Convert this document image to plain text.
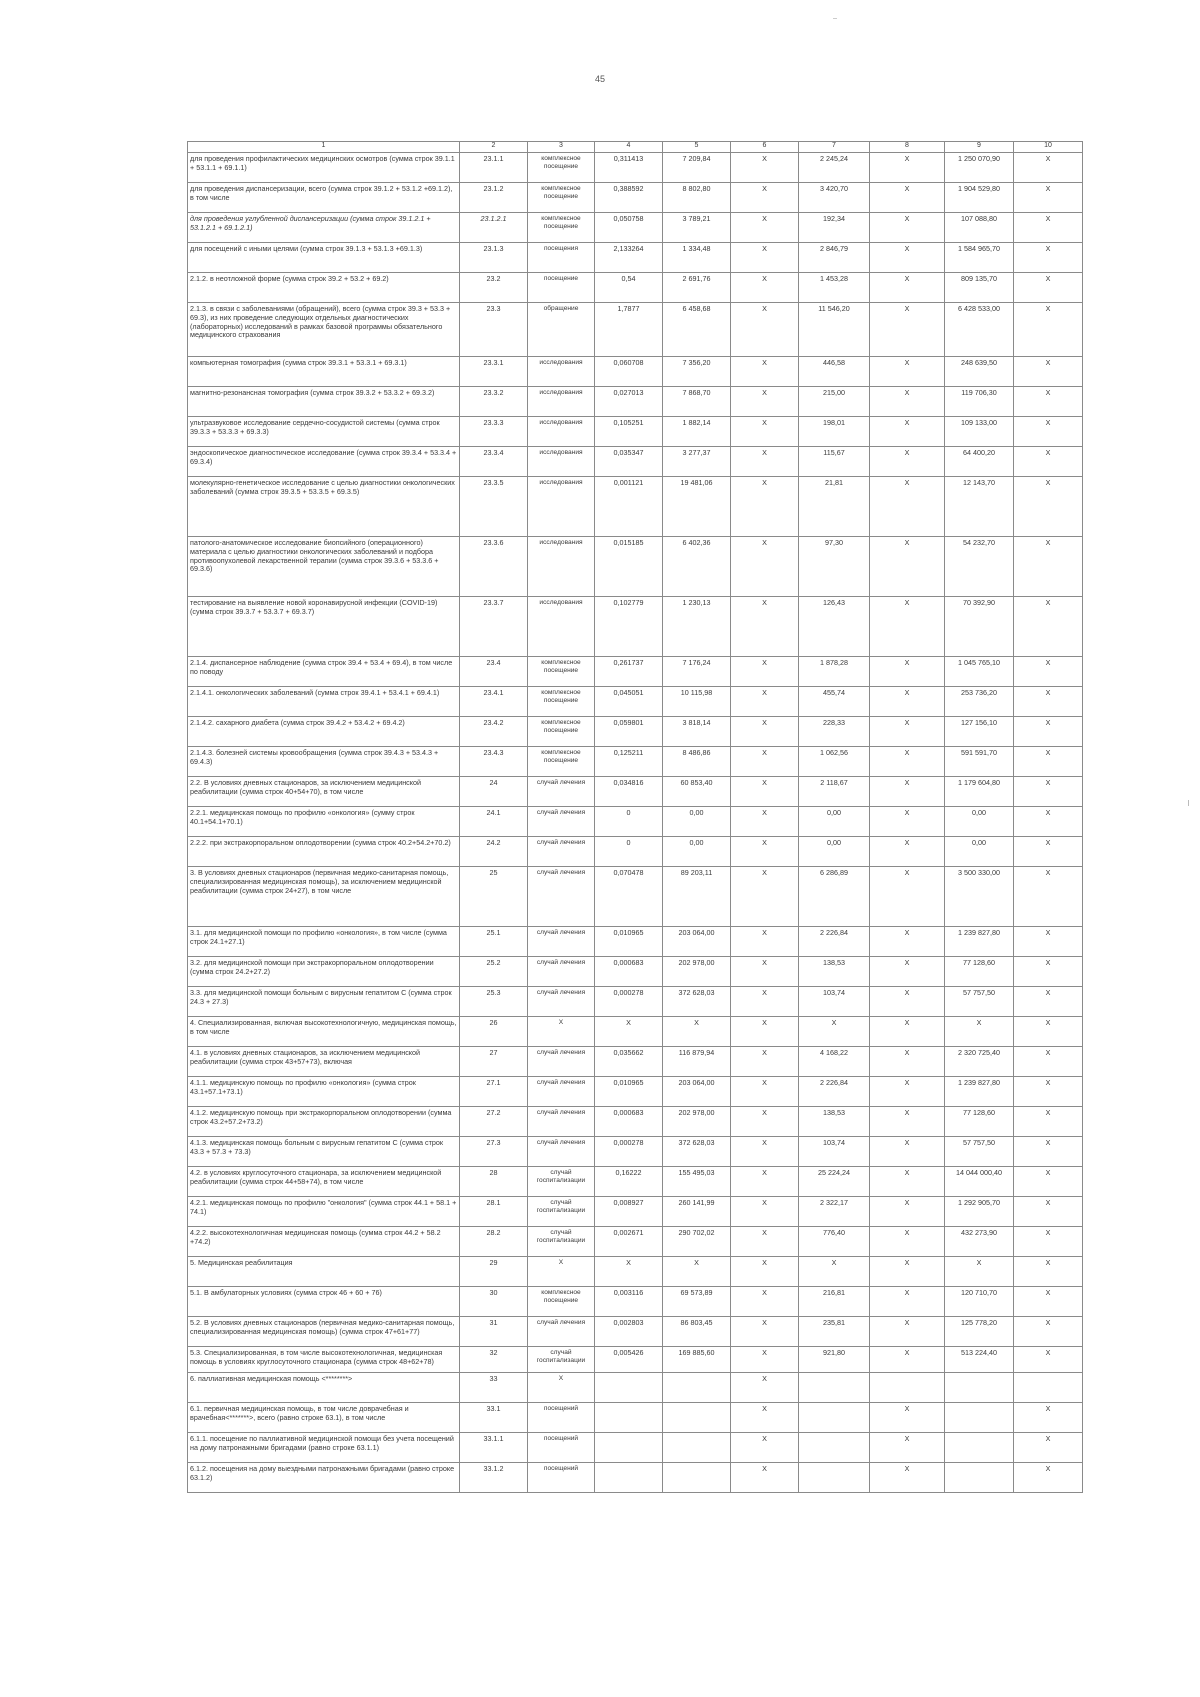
45
1	2	3	4	5	6	7	8	9	10
для проведения профилактических медицинских осмотров (сумма строк 39.1.1 + 53.1.1 + 69.1.1)	23.1.1	комплексное посещение	0,311413	7 209,84	X	2 245,24	X	1 250 070,90	X
для проведения диспансеризации, всего (сумма строк 39.1.2 + 53.1.2 +69.1.2), в том числе	23.1.2	комплексное посещение	0,388592	8 802,80	X	3 420,70	X	1 904 529,80	X
для проведения углубленной диспансеризации (сумма строк 39.1.2.1 + 53.1.2.1 + 69.1.2.1)	23.1.2.1	комплексное посещение	0,050758	3 789,21	X	192,34	X	107 088,80	X
для посещений с иными целями (сумма строк 39.1.3 + 53.1.3 +69.1.3)	23.1.3	посещения	2,133264	1 334,48	X	2 846,79	X	1 584 965,70	X
2.1.2. в неотложной форме (сумма строк 39.2 + 53.2 + 69.2)	23.2	посещение	0,54	2 691,76	X	1 453,28	X	809 135,70	X
2.1.3. в связи с заболеваниями (обращений), всего (сумма строк 39.3 + 53.3 + 69.3), из них проведение следующих отдельных диагностических (лабораторных) исследований в рамках базовой программы обязательного медицинского страхования	23.3	обращение	1,7877	6 458,68	X	11 546,20	X	6 428 533,00	X
компьютерная томография (сумма строк 39.3.1 + 53.3.1 + 69.3.1)	23.3.1	исследования	0,060708	7 356,20	X	446,58	X	248 639,50	X
магнитно-резонансная томография (сумма строк 39.3.2 + 53.3.2 + 69.3.2)	23.3.2	исследования	0,027013	7 868,70	X	215,00	X	119 706,30	X
ультразвуковое исследование сердечно-сосудистой системы (сумма строк 39.3.3 + 53.3.3 + 69.3.3)	23.3.3	исследования	0,105251	1 882,14	X	198,01	X	109 133,00	X
эндоскопическое диагностическое исследование (сумма строк 39.3.4 + 53.3.4 + 69.3.4)	23.3.4	исследования	0,035347	3 277,37	X	115,67	X	64 400,20	X
молекулярно-генетическое исследование с целью диагностики онкологических заболеваний (сумма строк 39.3.5 + 53.3.5 + 69.3.5)	23.3.5	исследования	0,001121	19 481,06	X	21,81	X	12 143,70	X
патолого-анатомическое исследование биопсийного (операционного) материала с целью диагностики онкологических заболеваний и подбора противоопухолевой лекарственной терапии (сумма строк 39.3.6 + 53.3.6 + 69.3.6)	23.3.6	исследования	0,015185	6 402,36	X	97,30	X	54 232,70	X
тестирование на выявление новой коронавирусной инфекции (COVID-19) (сумма строк 39.3.7 + 53.3.7 + 69.3.7)	23.3.7	исследования	0,102779	1 230,13	X	126,43	X	70 392,90	X
2.1.4. диспансерное наблюдение (сумма строк 39.4 + 53.4 + 69.4), в том числе по поводу	23.4	комплексное посещение	0,261737	7 176,24	X	1 878,28	X	1 045 765,10	X
2.1.4.1. онкологических заболеваний (сумма строк 39.4.1 + 53.4.1 + 69.4.1)	23.4.1	комплексное посещение	0,045051	10 115,98	X	455,74	X	253 736,20	X
2.1.4.2. сахарного диабета (сумма строк 39.4.2 + 53.4.2 + 69.4.2)	23.4.2	комплексное посещение	0,059801	3 818,14	X	228,33	X	127 156,10	X
2.1.4.3. болезней системы кровообращения (сумма строк 39.4.3 + 53.4.3 + 69.4.3)	23.4.3	комплексное посещение	0,125211	8 486,86	X	1 062,56	X	591 591,70	X
2.2. В условиях дневных стационаров, за исключением медицинской реабилитации (сумма строк 40+54+70), в том числе	24	случай лечения	0,034816	60 853,40	X	2 118,67	X	1 179 604,80	X
2.2.1. медицинская помощь по профилю «онкология» (сумму строк 40.1+54.1+70.1)	24.1	случай лечения	0	0,00	X	0,00	X	0,00	X
2.2.2. при экстракорпоральном оплодотворении (сумма строк 40.2+54.2+70.2)	24.2	случай лечения	0	0,00	X	0,00	X	0,00	X
3. В условиях дневных стационаров (первичная медико-санитарная помощь, специализированная медицинская помощь), за исключением медицинской реабилитации (сумма строк 24+27), в том числе	25	случай лечения	0,070478	89 203,11	X	6 286,89	X	3 500 330,00	X
3.1. для медицинской помощи по профилю «онкология», в том числе (сумма строк 24.1+27.1)	25.1	случай лечения	0,010965	203 064,00	X	2 226,84	X	1 239 827,80	X
3.2. для медицинской помощи при экстракорпоральном оплодотворении (сумма строк 24.2+27.2)	25.2	случай лечения	0,000683	202 978,00	X	138,53	X	77 128,60	X
3.3. для медицинской помощи больным с вирусным гепатитом С (сумма строк 24.3 + 27.3)	25.3	случай лечения	0,000278	372 628,03	X	103,74	X	57 757,50	X
4. Специализированная, включая высокотехнологичную, медицинская помощь, в том числе	26	X	X	X	X	X	X	X	X
4.1. в условиях дневных стационаров, за исключением медицинской реабилитации (сумма строк 43+57+73), включая	27	случай лечения	0,035662	116 879,94	X	4 168,22	X	2 320 725,40	X
4.1.1. медицинскую помощь по профилю «онкология» (сумма строк 43.1+57.1+73.1)	27.1	случай лечения	0,010965	203 064,00	X	2 226,84	X	1 239 827,80	X
4.1.2. медицинскую помощь при экстракорпоральном оплодотворении (сумма строк 43.2+57.2+73.2)	27.2	случай лечения	0,000683	202 978,00	X	138,53	X	77 128,60	X
4.1.3. медицинская помощь больным с вирусным гепатитом С (сумма строк 43.3 + 57.3 + 73.3)	27.3	случай лечения	0,000278	372 628,03	X	103,74	X	57 757,50	X
4.2. в условиях круглосуточного стационара, за исключением медицинской реабилитации (сумма строк 44+58+74), в том числе	28	случай госпитализации	0,16222	155 495,03	X	25 224,24	X	14 044 000,40	X
4.2.1. медицинская помощь по профилю "онкология" (сумма строк 44.1 + 58.1 + 74.1)	28.1	случай госпитализации	0,008927	260 141,99	X	2 322,17	X	1 292 905,70	X
4.2.2. высокотехнологичная медицинская помощь (сумма строк 44.2 + 58.2 +74.2)	28.2	случай госпитализации	0,002671	290 702,02	X	776,40	X	432 273,90	X
5. Медицинская реабилитация	29	X	X	X	X	X	X	X	X
5.1. В амбулаторных условиях (сумма строк 46 + 60 + 76)	30	комплексное посещение	0,003116	69 573,89	X	216,81	X	120 710,70	X
5.2. В условиях дневных стационаров (первичная медико-санитарная помощь, специализированная медицинская помощь) (сумма строк 47+61+77)	31	случай лечения	0,002803	86 803,45	X	235,81	X	125 778,20	X
5.3. Специализированная, в том числе высокотехнологичная, медицинская помощь в условиях круглосуточного стационара (сумма строк 48+62+78)	32	случай госпитализации	0,005426	169 885,60	X	921,80	X	513 224,40	X
6. паллиативная медицинская помощь <********>	33	X			X				
6.1. первичная медицинская помощь, в том числе доврачебная и врачебная<*******>, всего (равно строке 63.1), в том числе	33.1	посещений			X		X		X
6.1.1. посещение по паллиативной медицинской помощи без учета посещений на дому патронажными бригадами (равно строке 63.1.1)	33.1.1	посещений			X		X		X
6.1.2. посещения на дому выездными патронажными бригадами (равно строке 63.1.2)	33.1.2	посещений			X		X		X
